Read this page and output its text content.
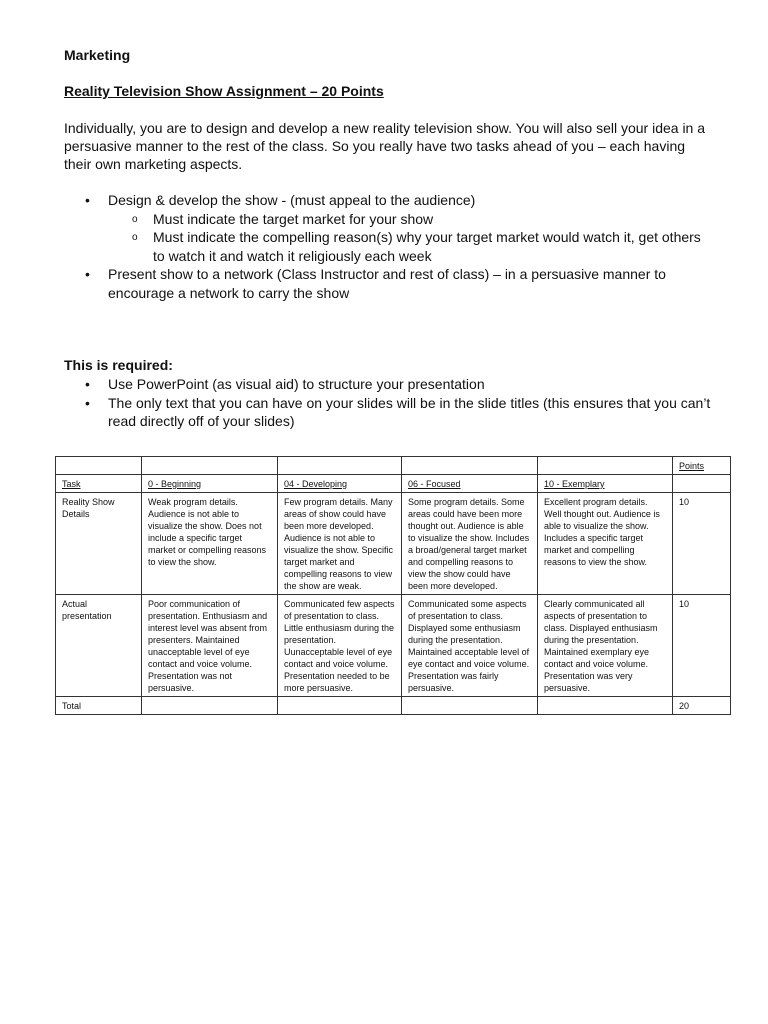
Marketing

Reality Television Show Assignment – 20 Points

Individually, you are to design and develop a new reality television show. You will also sell your idea in a persuasive manner to the rest of the class. So you really have two tasks ahead of you – each having their own marketing aspects.

• Design & develop the show - (must appeal to the audience)
o Must indicate the target market for your show
o Must indicate the compelling reason(s) why your target market would watch it, get others to watch it and watch it religiously each week
• Present show to a network (Class Instructor and rest of class) – in a persuasive manner to encourage a network to carry the show

This is required:

• Use PowerPoint (as visual aid) to structure your presentation
• The only text that you can have on your slides will be in the slide titles (this ensures that you can’t read directly off of your slides)
					Points
Task	0 - Beginning	04 - Developing	06 - Focused	10 - Exemplary	
Reality Show Details	Weak program details. Audience is not able to visualize the show. Does not include a specific target market or compelling reasons to view the show.	Few program details. Many areas of show could have been more developed. Audience is not able to visualize the show. Specific target market and compelling reasons to view the show are weak.	Some program details. Some areas could have been more thought out. Audience is able to visualize the show. Includes a broad/general target market and compelling reasons to view the show could have been more developed.	Excellent program details. Well thought out. Audience is able to visualize the show. Includes a specific target market and compelling reasons to view the show.	10
Actual presentation	Poor communication of presentation. Enthusiasm and interest level was absent from presenters. Maintained unacceptable level of eye contact and voice volume. Presentation was not persuasive.	Communicated few aspects of presentation to class. Little enthusiasm during the presentation. Uunacceptable level of eye contact and voice volume. Presentation needed to be more persuasive.	Communicated some aspects of presentation to class. Displayed some enthusiasm during the presentation. Maintained acceptable level of eye contact and voice volume. Presentation was fairly persuasive.	Clearly communicated all aspects of presentation to class. Displayed enthusiasm during the presentation. Maintained exemplary eye contact and voice volume. Presentation was very persuasive.	10
Total					20
